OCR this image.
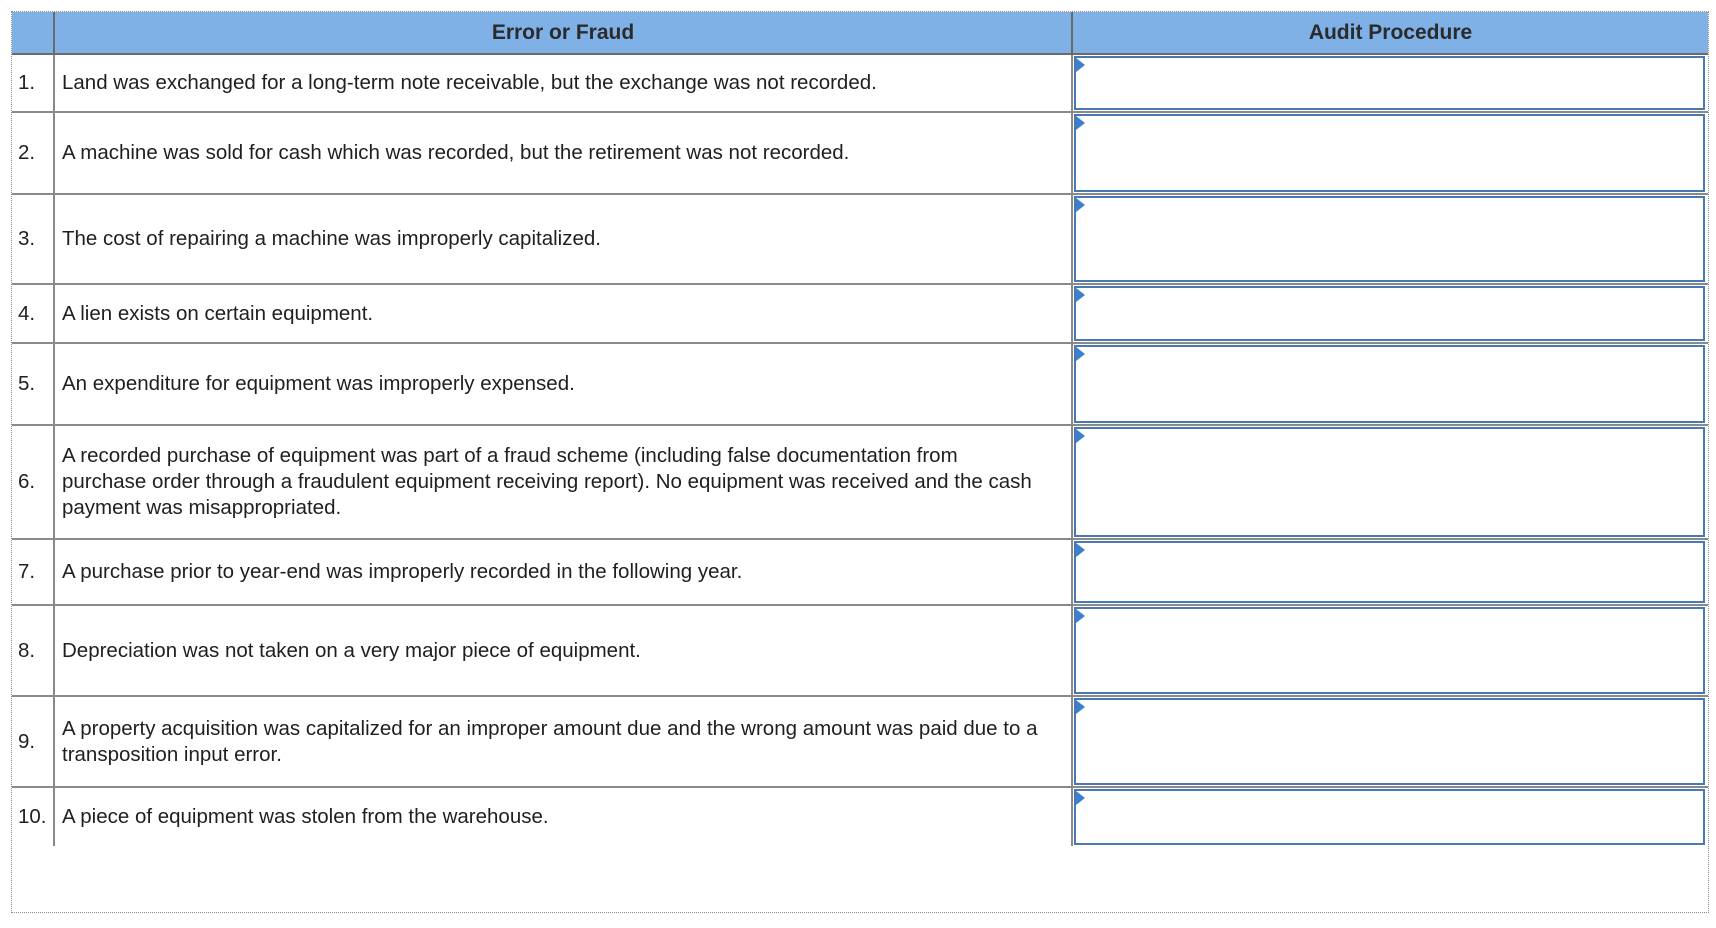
	Error or Fraud	Audit Procedure
1.	Land was exchanged for a long-term note receivable, but the exchange was not recorded.	

2.	A machine was sold for cash which was recorded, but the retirement was not recorded.	

3.	The cost of repairing a machine was improperly capitalized.	

4.	A lien exists on certain equipment.	

5.	An expenditure for equipment was improperly expensed.	

6.	A recorded purchase of equipment was part of a fraud scheme (including false documentation from purchase order through a fraudulent equipment receiving report). No equipment was received and the cash payment was misappropriated.	

7.	A purchase prior to year-end was improperly recorded in the following year.	

8.	Depreciation was not taken on a very major piece of equipment.	

9.	A property acquisition was capitalized for an improper amount due and the wrong amount was paid due to a transposition input error.	

10.	A piece of equipment was stolen from the warehouse.	
